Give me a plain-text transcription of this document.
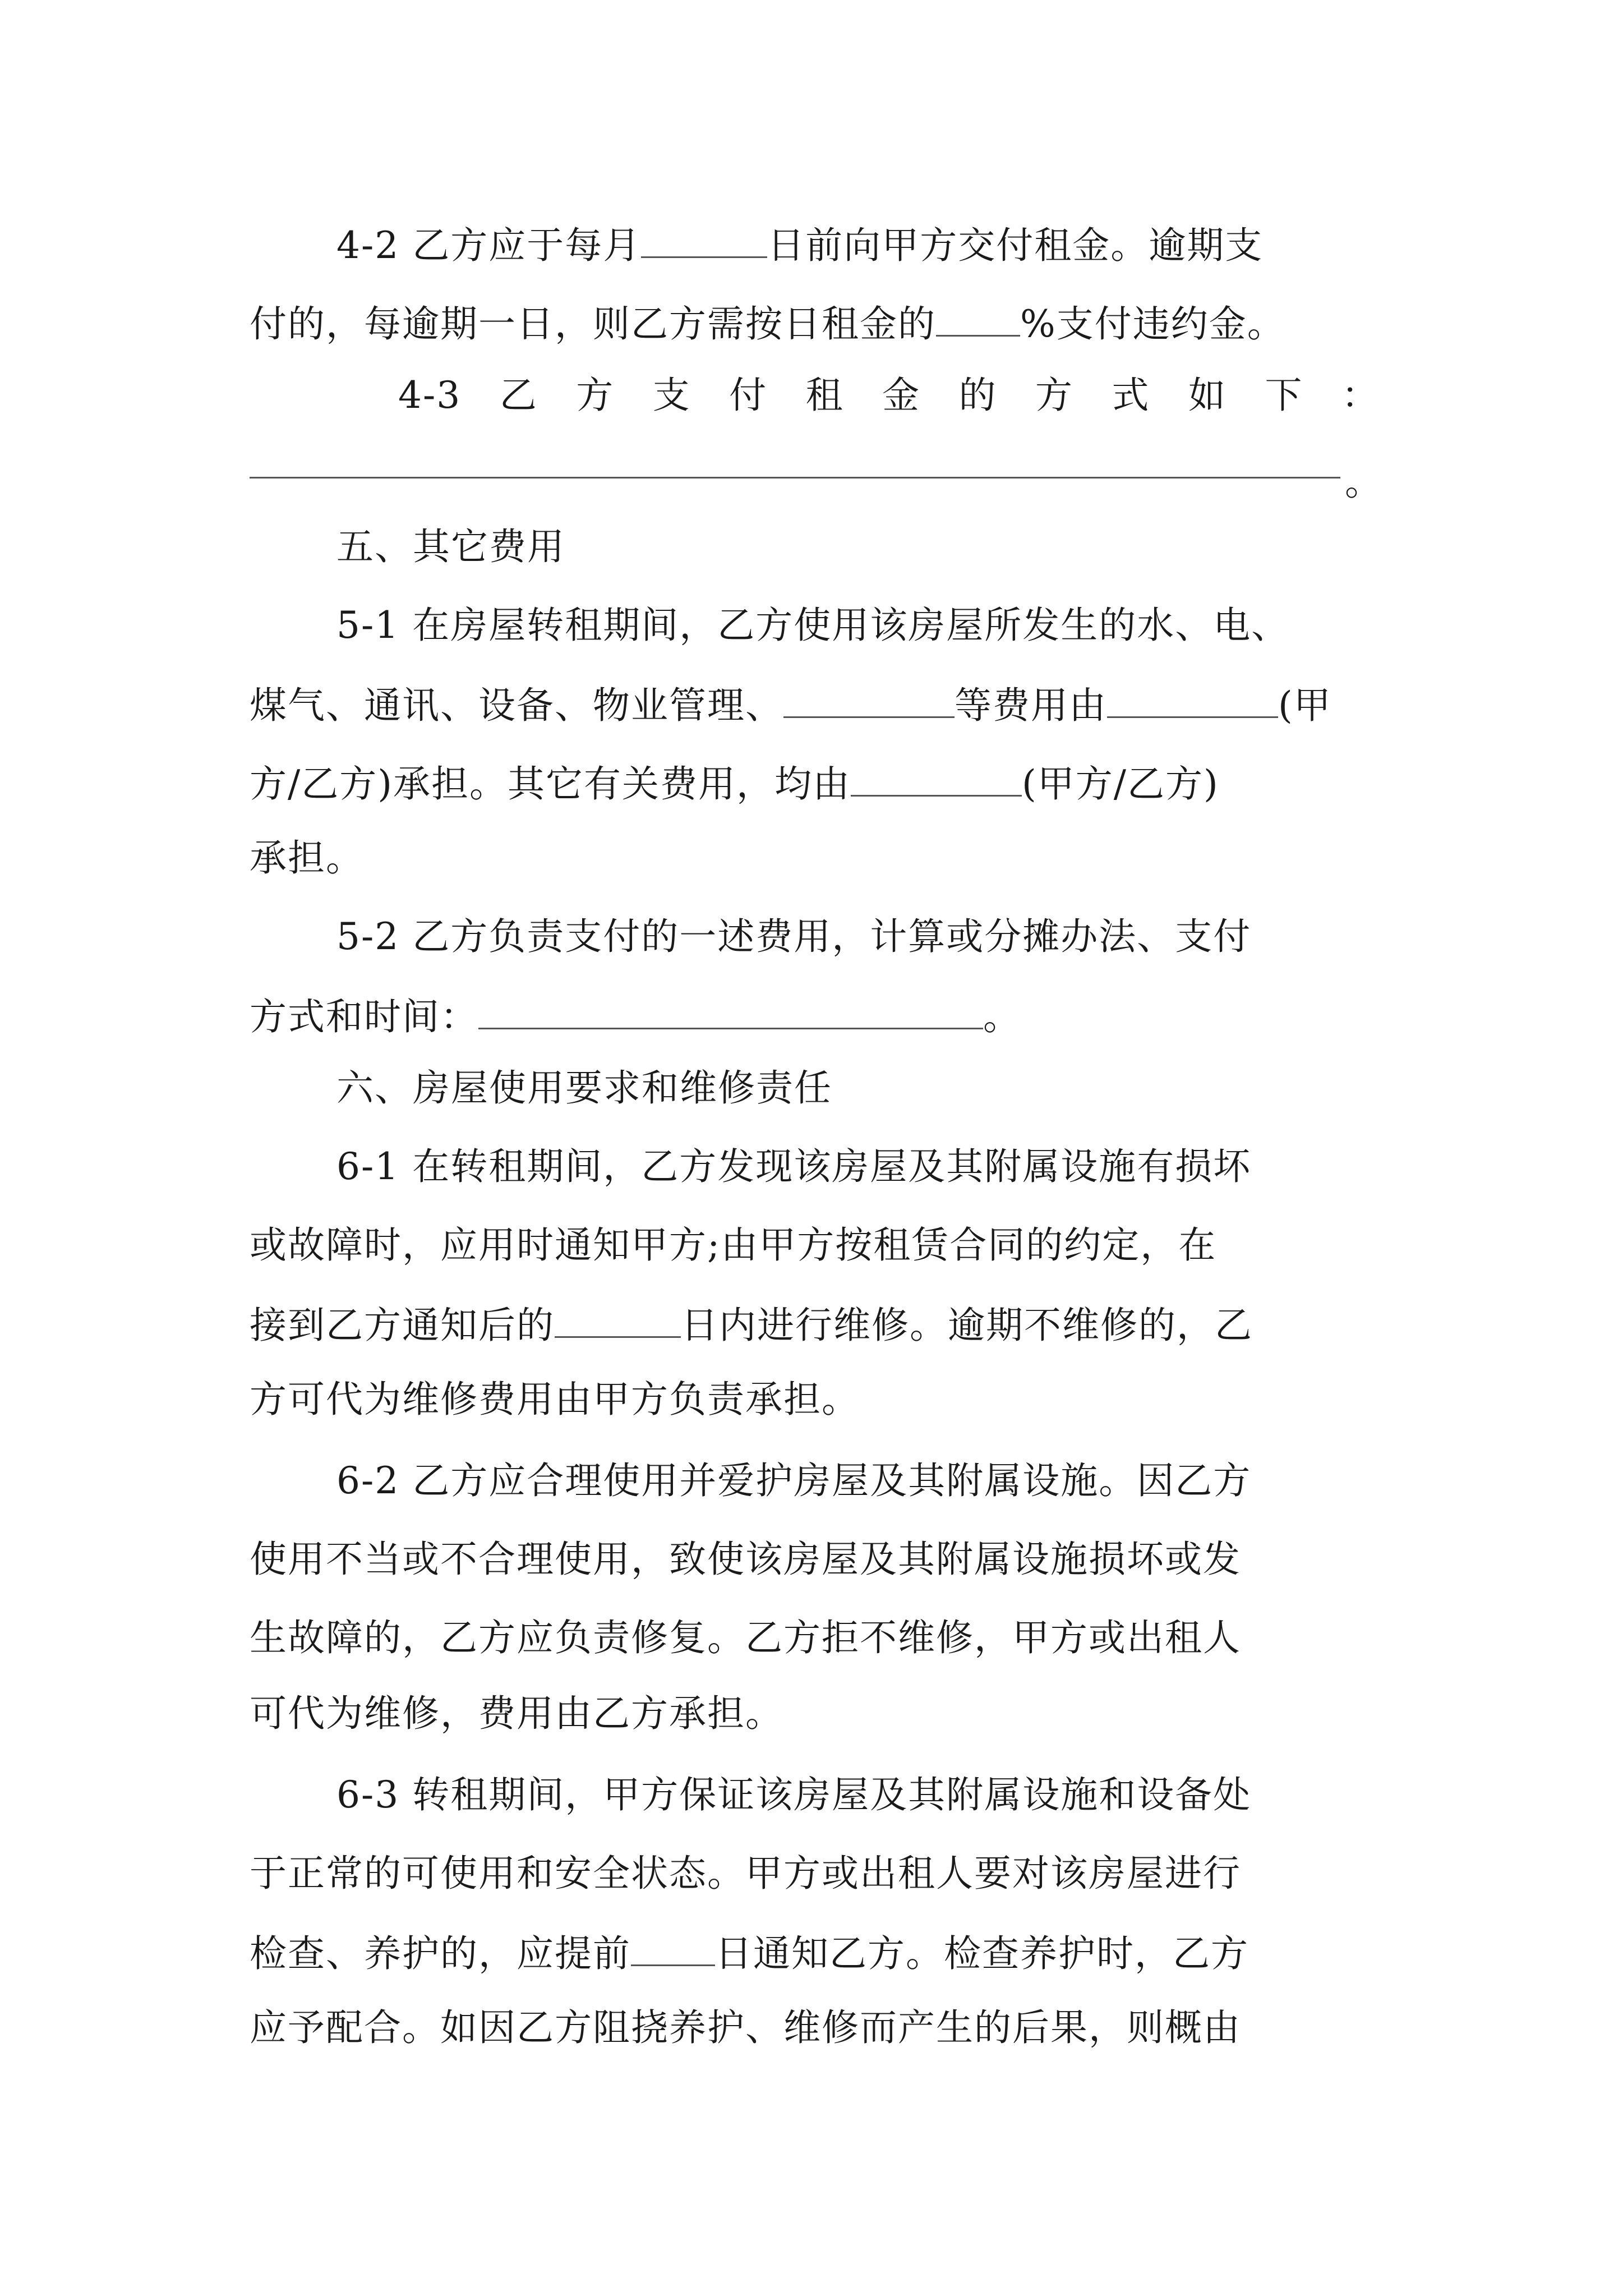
4-2 乙方应于每月	日前向甲方交付租金。逾期支
付的，每逾期一日，则乙方需按日租金的 %支付违约金。
4-3 乙 方 支 付 租 金 的 方 式 如 下 ：
。
五、其它费用
5-1 在房屋转租期间，乙方使用该房屋所发生的水、电、
煤气、通讯、设备、物业管理、	等费用由	(甲
方/乙方)承担。其它有关费用，均由	(甲方/乙方)
承担。
5-2 乙方负责支付的一述费用，计算或分摊办法、支付
方式和时间：	。
六、房屋使用要求和维修责任
6-1 在转租期间，乙方发现该房屋及其附属设施有损坏
或故障时，应用时通知甲方;由甲方按租赁合同的约定，在
接到乙方通知后的	日内进行维修。逾期不维修的，乙
方可代为维修费用由甲方负责承担。
6-2 乙方应合理使用并爱护房屋及其附属设施。因乙方
使用不当或不合理使用，致使该房屋及其附属设施损坏或发
生故障的，乙方应负责修复。乙方拒不维修，甲方或出租人
可代为维修，费用由乙方承担。
6-3 转租期间，甲方保证该房屋及其附属设施和设备处
于正常的可使用和安全状态。甲方或出租人要对该房屋进行
检查、养护的，应提前 日通知乙方。检查养护时，乙方
应予配合。如因乙方阻挠养护、维修而产生的后果，则概由
